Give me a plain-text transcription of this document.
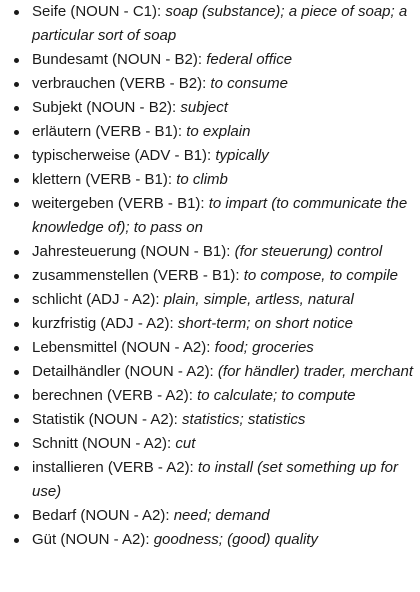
Seife (NOUN - C1): soap (substance); a piece of soap; a particular sort of soap
Bundesamt (NOUN - B2): federal office
verbrauchen (VERB - B2): to consume
Subjekt (NOUN - B2): subject
erläutern (VERB - B1): to explain
typischerweise (ADV - B1): typically
klettern (VERB - B1): to climb
weitergeben (VERB - B1): to impart (to communicate the knowledge of); to pass on
Jahresteuerung (NOUN - B1): (for steuerung) control
zusammenstellen (VERB - B1): to compose, to compile
schlicht (ADJ - A2): plain, simple, artless, natural
kurzfristig (ADJ - A2): short-term; on short notice
Lebensmittel (NOUN - A2): food; groceries
Detailhändler (NOUN - A2): (for händler) trader, merchant
berechnen (VERB - A2): to calculate; to compute
Statistik (NOUN - A2): statistics; statistics
Schnitt (NOUN - A2): cut
installieren (VERB - A2): to install (set something up for use)
Bedarf (NOUN - A2): need; demand
Güt (NOUN - A2): goodness; (good) quality
